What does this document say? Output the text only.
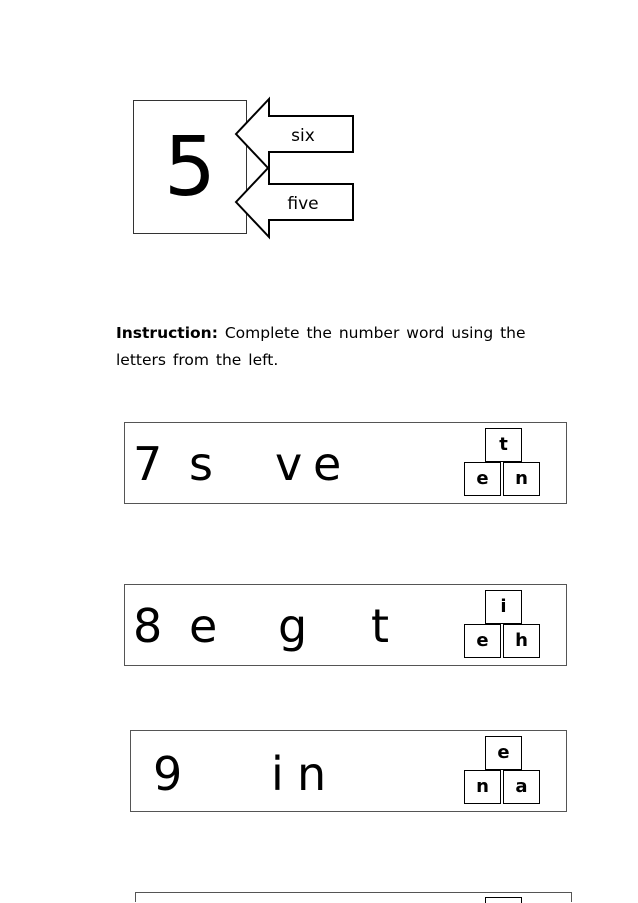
5	six
five
Instruction: Complete the number word using the letters from the left.
7 s v e	t
e	n
8 e g t	i
e	h
9 i n	e
n	a
